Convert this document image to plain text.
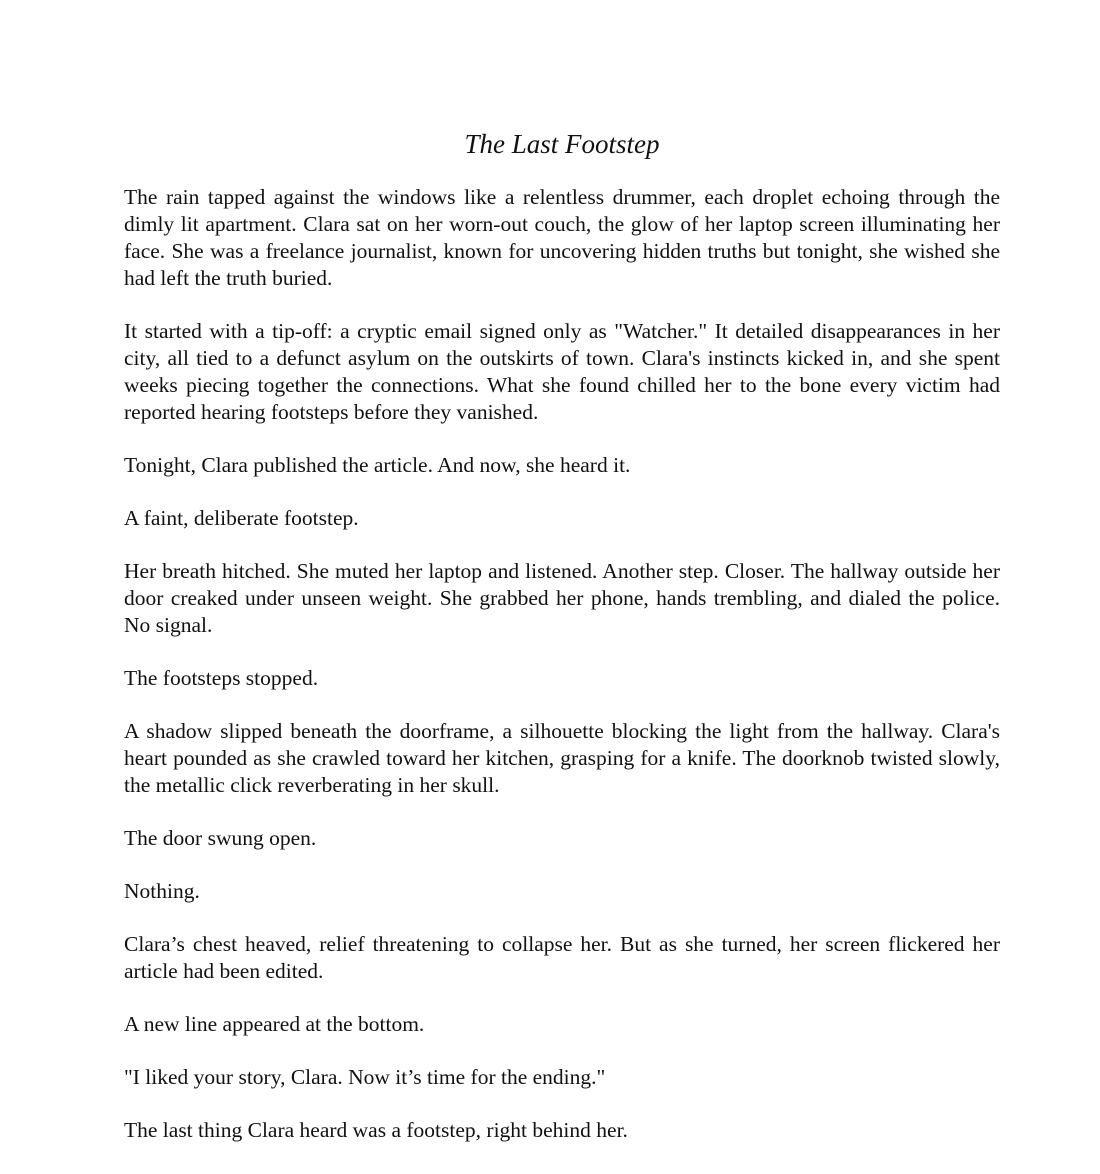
The Last Footstep

The rain tapped against the windows like a relentless drummer, each droplet echoing through the dimly lit apartment. Clara sat on her worn-out couch, the glow of her laptop screen illuminating her face. She was a freelance journalist, known for uncovering hidden truths but tonight, she wished she had left the truth buried.

It started with a tip-off: a cryptic email signed only as "Watcher." It detailed disappearances in her city, all tied to a defunct asylum on the outskirts of town. Clara's instincts kicked in, and she spent weeks piecing together the connections. What she found chilled her to the bone every victim had reported hearing footsteps before they vanished.

Tonight, Clara published the article. And now, she heard it.

A faint, deliberate footstep.

Her breath hitched. She muted her laptop and listened. Another step. Closer. The hallway outside her door creaked under unseen weight. She grabbed her phone, hands trembling, and dialed the police. No signal.

The footsteps stopped.

A shadow slipped beneath the doorframe, a silhouette blocking the light from the hallway. Clara's heart pounded as she crawled toward her kitchen, grasping for a knife. The doorknob twisted slowly, the metallic click reverberating in her skull.

The door swung open.

Nothing.

Clara’s chest heaved, relief threatening to collapse her. But as she turned, her screen flickered her article had been edited.

A new line appeared at the bottom.

"I liked your story, Clara. Now it’s time for the ending."

The last thing Clara heard was a footstep, right behind her.
